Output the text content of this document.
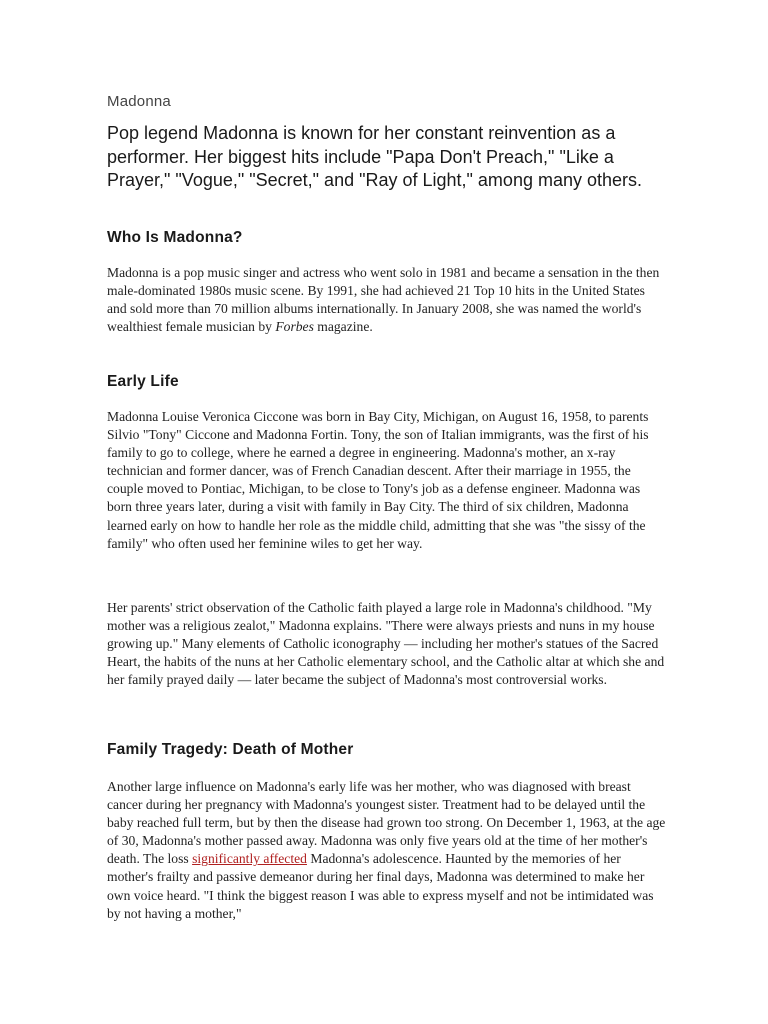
Madonna

Pop legend Madonna is known for her constant reinvention as a performer. Her biggest hits include "Papa Don't Preach," "Like a Prayer," "Vogue," "Secret," and "Ray of Light," among many others.

Who Is Madonna?

Madonna is a pop music singer and actress who went solo in 1981 and became a sensation in the then male-dominated 1980s music scene. By 1991, she had achieved 21 Top 10 hits in the United States and sold more than 70 million albums internationally. In January 2008, she was named the world's wealthiest female musician by Forbes magazine.

Early Life

Madonna Louise Veronica Ciccone was born in Bay City, Michigan, on August 16, 1958, to parents Silvio "Tony" Ciccone and Madonna Fortin. Tony, the son of Italian immigrants, was the first of his family to go to college, where he earned a degree in engineering. Madonna's mother, an x-ray technician and former dancer, was of French Canadian descent. After their marriage in 1955, the couple moved to Pontiac, Michigan, to be close to Tony's job as a defense engineer. Madonna was born three years later, during a visit with family in Bay City. The third of six children, Madonna learned early on how to handle her role as the middle child, admitting that she was "the sissy of the family" who often used her feminine wiles to get her way.

Her parents' strict observation of the Catholic faith played a large role in Madonna's childhood. "My mother was a religious zealot," Madonna explains. "There were always priests and nuns in my house growing up." Many elements of Catholic iconography — including her mother's statues of the Sacred Heart, the habits of the nuns at her Catholic elementary school, and the Catholic altar at which she and her family prayed daily — later became the subject of Madonna's most controversial works.

Family Tragedy: Death of Mother

Another large influence on Madonna's early life was her mother, who was diagnosed with breast cancer during her pregnancy with Madonna's youngest sister. Treatment had to be delayed until the baby reached full term, but by then the disease had grown too strong. On December 1, 1963, at the age of 30, Madonna's mother passed away. Madonna was only five years old at the time of her mother's death. The loss significantly affected Madonna's adolescence. Haunted by the memories of her mother's frailty and passive demeanor during her final days, Madonna was determined to make her own voice heard. "I think the biggest reason I was able to express myself and not be intimidated was by not having a mother,"
